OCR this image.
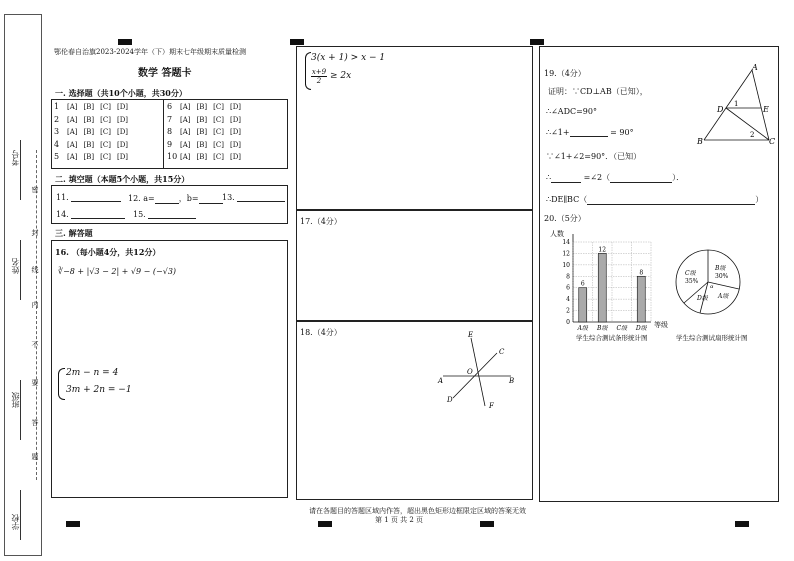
考号
姓名
班级
学校
密
封
线
内
不
要
答
题
鄂伦春自治旗2023-2024学年（下）期末七年级期末质量检测
数学 答题卡
一. 选择题（共10个小题，共30分）
1 [A] [B] [C] [D]
2 [A] [B] [C] [D]
3 [A] [B] [C] [D]
4 [A] [B] [C] [D]
5 [A] [B] [C] [D]
6 [A] [B] [C] [D]
7 [A] [B] [C] [D]
8 [A] [B] [C] [D]
9 [A] [B] [C] [D]
10 [A] [B] [C] [D]
二. 填空题（本题5个小题，共15分）
11.	12. a=	，b=	13.
14.	15.
三. 解答题
16. （每小题4分，共12分）
∛−8 + |√3 − 2| + √9 − (−√3)
2m − n = 4
3m + 2n = −1
3(x + 1) > x − 1
x+9
2 ≥ 2x
17.（4分）
18.（4分）	E
C
A
O
B
D
F
19.（4分）
证明：∵CD⊥AB（已知），
∴∠ADC=90°
∴∠1+	= 90°
∵∠1+∠2=90°．（已知）
∴	=∠2（	）．
∴DE∥BC（	）
A
D
1
E
B
2
C
20.（5分）
人数
等级
学生综合测试条形统计图
0
2
4
6
8
10
12
14
6
A级
12
B级 C级
8
D级
C级
35%
B级
30%
A级
D级
α
学生综合测试扇形统计图
请在各题目的答题区域内作答，超出黑色矩形边框限定区域的答案无效
第 1 页 共 2 页
